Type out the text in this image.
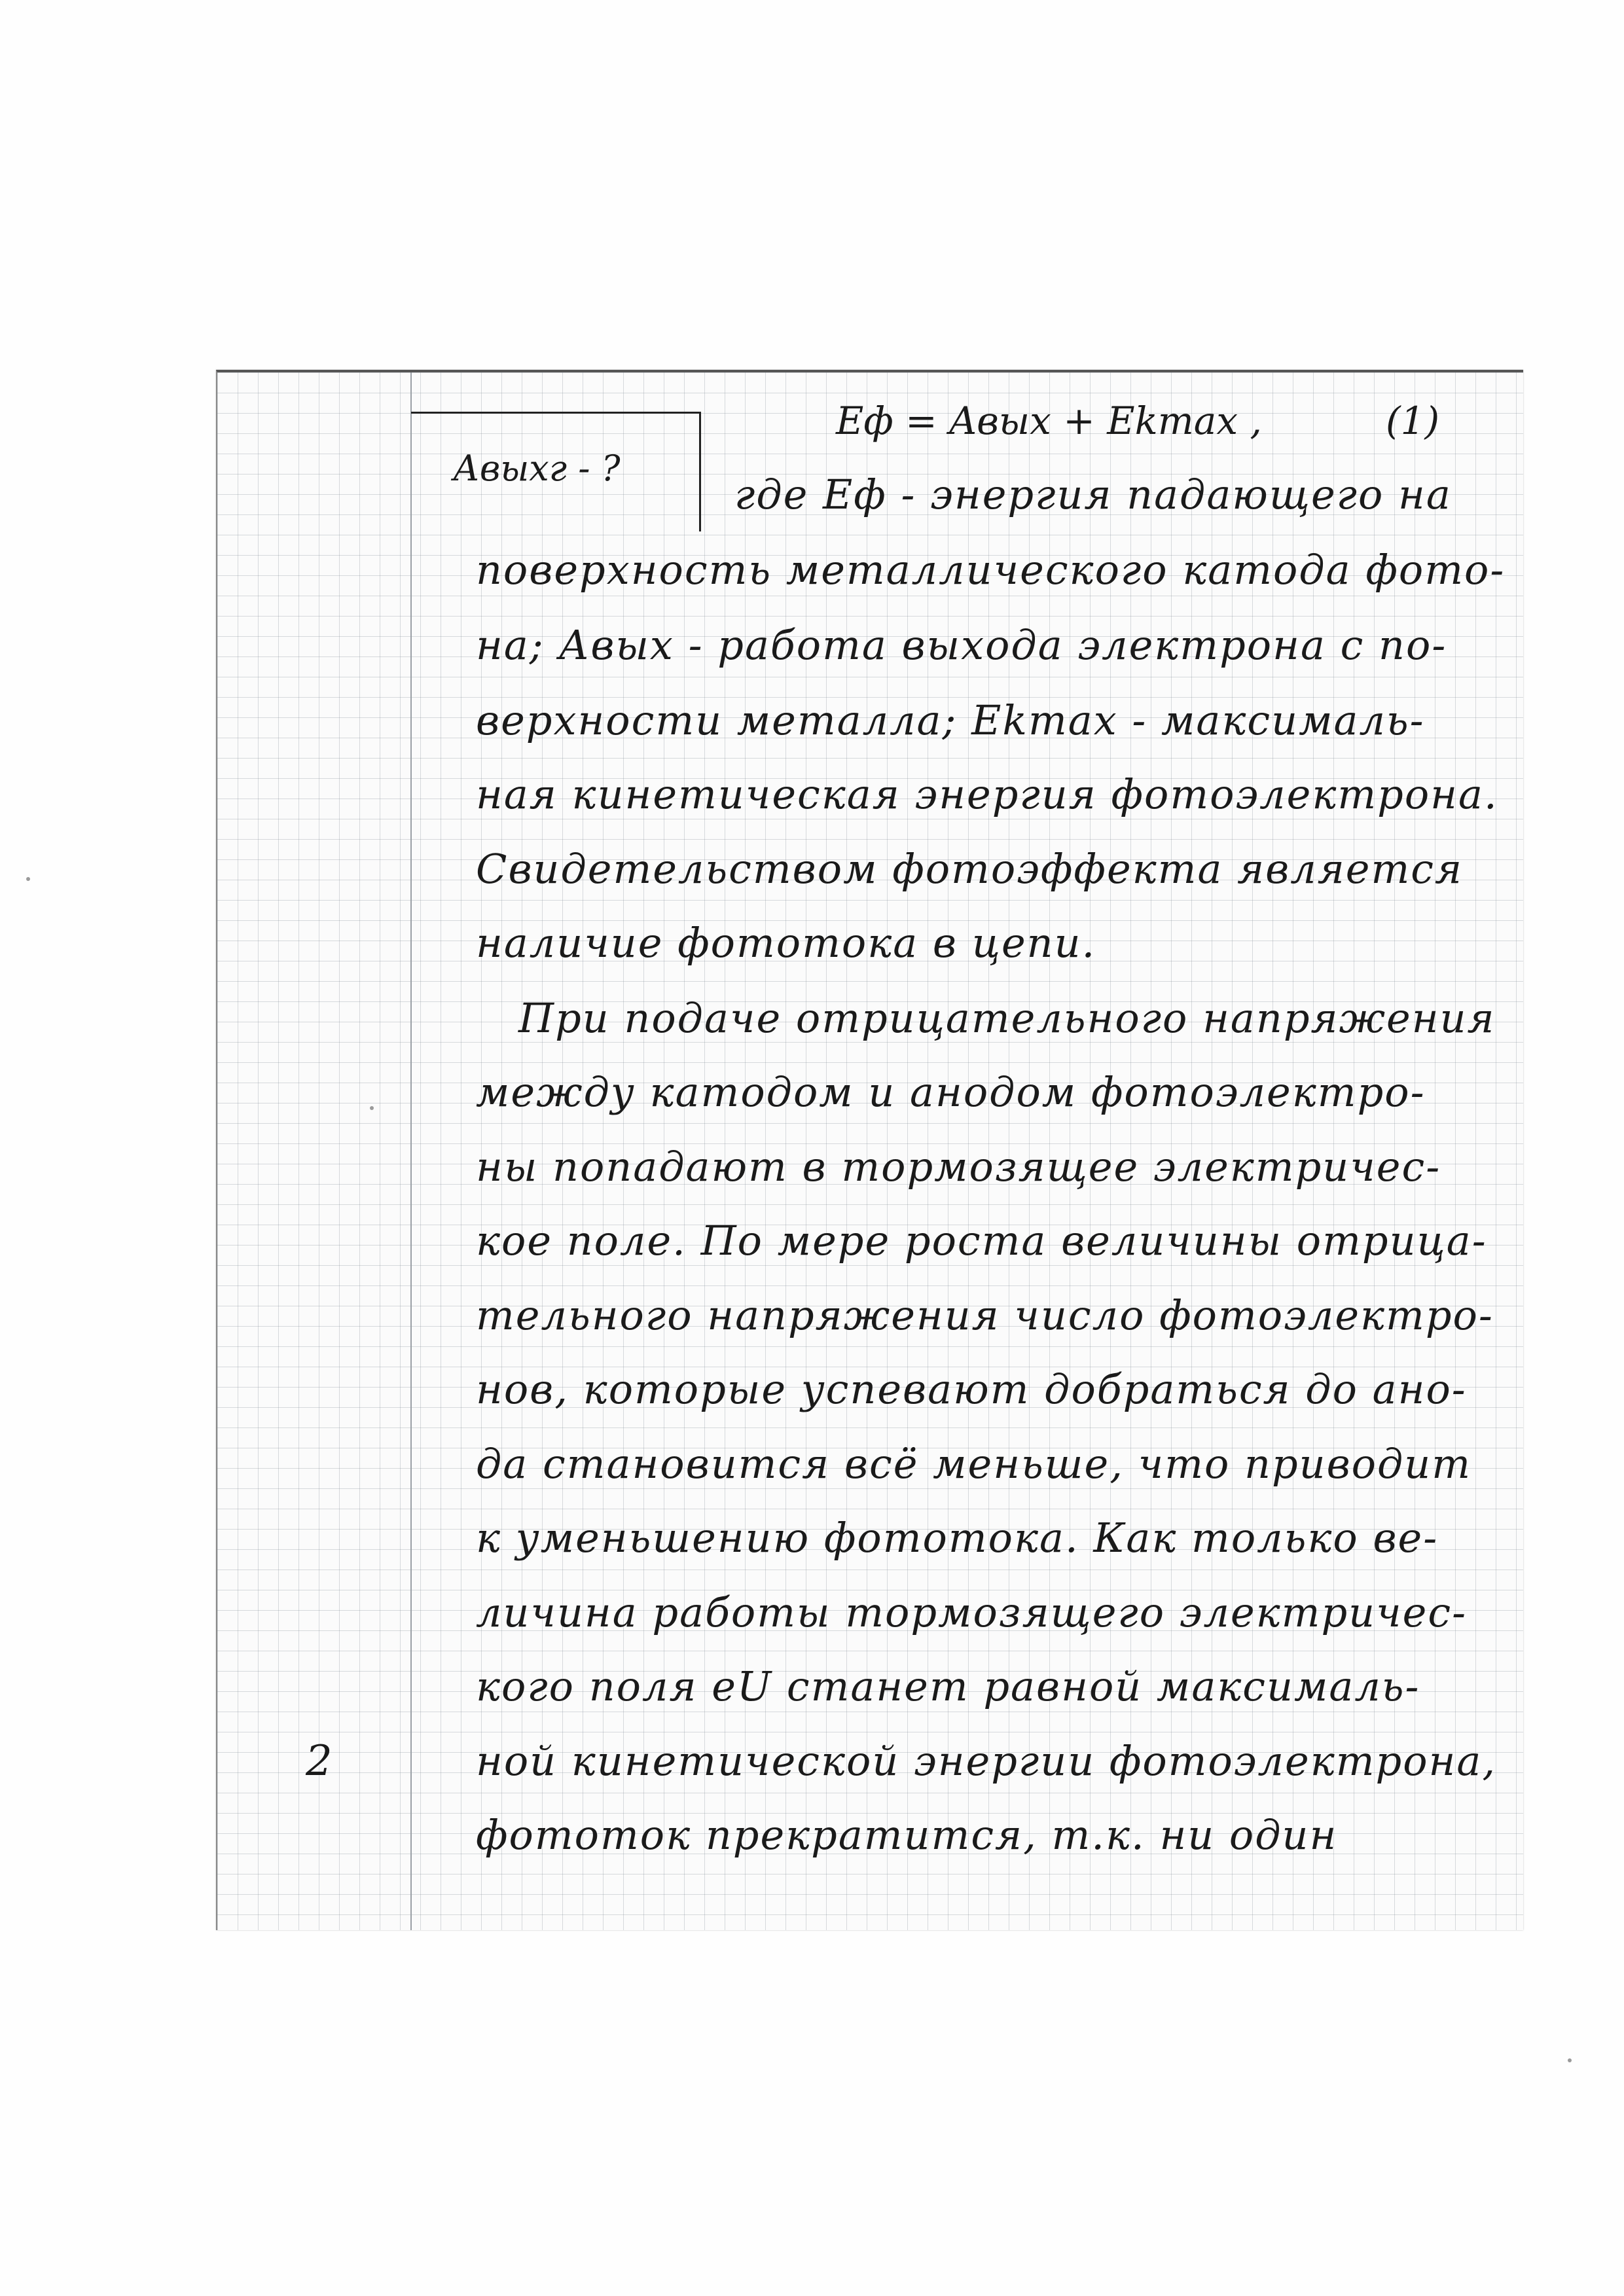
Авыхг - ?
Eф = Aвых + Ekmax ,	(1)
где Eф - энергия падающего на
поверхность металлического катода фото-
на; Авых - работа выхода электрона с по-
верхности металла; Ekmax - максималь-
ная кинетическая энергия фотоэлектрона.
Свидетельством фотоэффекта является
наличие фототока в цепи.
При подаче отрицательного напряжения
между катодом и анодом фотоэлектро-
ны попадают в тормозящее электричес-
кое поле. По мере роста величины отрица-
тельного напряжения число фотоэлектро-
нов, которые успевают добраться до ано-
да становится всё меньше, что приводит
к уменьшению фототока. Как только ве-
личина работы тормозящего электричес-
кого поля eU станет равной максималь-
ной кинетической энергии фотоэлектрона,
фототок прекратится, т.к. ни один
2
